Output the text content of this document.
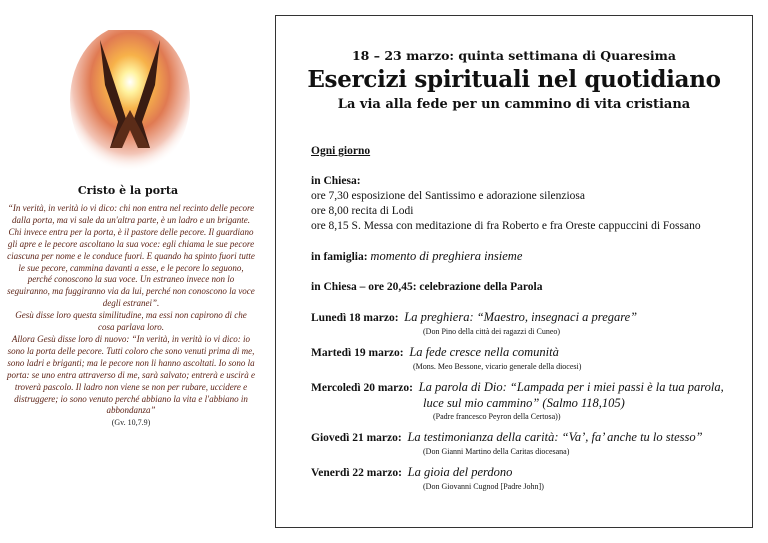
Cristo è la porta
“In verità, in verità io vi dico: chi non entra nel recinto delle pecore dalla porta, ma vi sale da un'altra parte, è un ladro e un brigante. Chi invece entra per la porta, è il pastore delle pecore. Il guardiano gli apre e le pecore ascoltano la sua voce: egli chiama le sue pecore ciascuna per nome e le conduce fuori. E quando ha spinto fuori tutte le sue pecore, cammina davanti a esse, e le pecore lo seguono, perché conoscono la sua voce. Un estraneo invece non lo seguiranno, ma fuggiranno via da lui, perché non conoscono la voce degli estranei”.
Gesù disse loro questa similitudine, ma essi non capirono di che cosa parlava loro.
Allora Gesù disse loro di nuovo: “In verità, in verità io vi dico: io sono la porta delle pecore. Tutti coloro che sono venuti prima di me, sono ladri e briganti; ma le pecore non li hanno ascoltati. Io sono la porta: se uno entra attraverso di me, sarà salvato; entrerà e uscirà e troverà pascolo. Il ladro non viene se non per rubare, uccidere e distruggere; io sono venuto perché abbiano la vita e l'abbiano in abbondanza”
(Gv. 10,7.9)
18 – 23 marzo: quinta settimana di Quaresima
Esercizi spirituali nel quotidiano
La via alla fede per un cammino di vita cristiana

Ogni giorno

in Chiesa:

ore 7,30 esposizione del Santissimo e adorazione silenziosa

ore 8,00 recita di Lodi

ore 8,15 S. Messa con meditazione di fra Roberto e fra Oreste cappuccini di Fossano

in famiglia: momento di preghiera insieme

in Chiesa – ore 20,45: celebrazione della Parola

Lunedì 18 marzo: La preghiera: “Maestro, insegnaci a pregare”

(Don Pino della città dei ragazzi di Cuneo)

Martedì 19 marzo: La fede cresce nella comunità

(Mons. Meo Bessone, vicario generale della diocesi)

Mercoledì 20 marzo: La parola di Dio: “Lampada per i miei passi è la tua parola,

luce sul mio cammino” (Salmo 118,105)

(Padre francesco Peyron della Certosa))

Giovedì 21 marzo: La testimonianza della carità: “Va’, fa’ anche tu lo stesso”

(Don Gianni Martino della Caritas diocesana)

Venerdì 22 marzo: La gioia del perdono

(Don Giovanni Cugnod [Padre John])
